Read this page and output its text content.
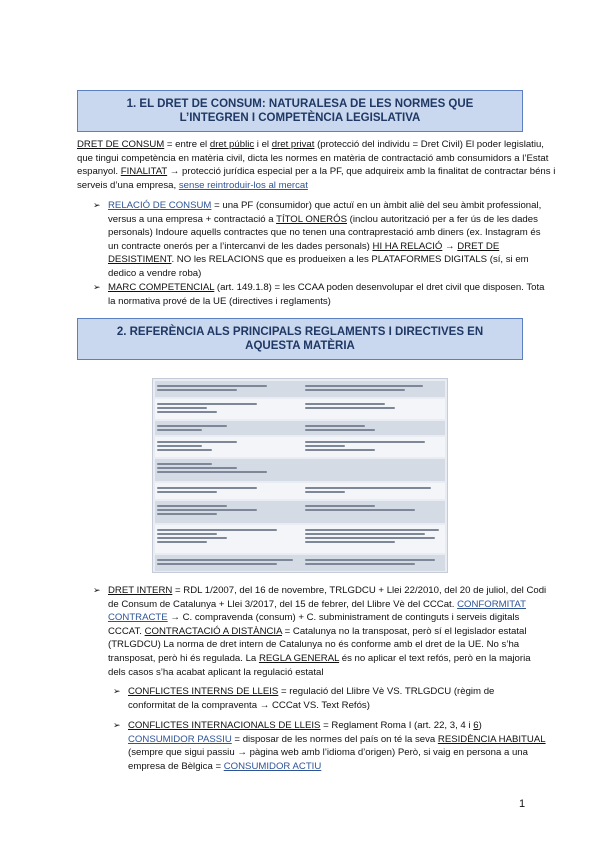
1. EL DRET DE CONSUM: NATURALESA DE LES NORMES QUE
L’INTEGREN I COMPETÈNCIA LEGISLATIVA
DRET DE CONSUM = entre el dret públic i el dret privat (protecció del individu = Dret Civil) El poder legislatiu,
que tingui competència en matèria civil, dicta les normes en matèria de contractació amb consumidors a l’Estat
espanyol. FINALITAT → protecció jurídica especial per a la PF, que adquireix amb la finalitat de contractar béns i
serveis d’una empresa, sense reintroduir-los al mercat
➢ RELACIÓ DE CONSUM = una PF (consumidor) que actuï en un àmbit aliè del seu àmbit professional,
versus a una empresa + contractació a TÍTOL ONERÓS (inclou autorització per a fer ús de les dades
personals) Indoure aquells contractes que no tenen una contraprestació amb diners (ex. Instagram és
un contracte onerós per a l’intercanvi de les dades personals) HI HA RELACIÓ → DRET DE
DESISTIMENT. NO les RELACIONS que es produeixen a les PLATAFORMES DIGITALS (sí, si em
dedico a vendre roba)
➢ MARC COMPETENCIAL (art. 149.1.8) = les CCAA poden desenvolupar el dret civil que disposen. Tota
la normativa prové de la UE (directives i reglaments)
2. REFERÈNCIA ALS PRINCIPALS REGLAMENTS I DIRECTIVES EN
AQUESTA MATÈRIA
➢ DRET INTERN = RDL 1/2007, del 16 de novembre, TRLGDCU + Llei 22/2010, del 20 de juliol, del Codi
de Consum de Catalunya + Llei 3/2017, del 15 de febrer, del Llibre Vè del CCCat. CONFORMITAT
CONTRACTE → C. compravenda (consum) + C. subministrament de continguts i serveis digitals
CCCAT. CONTRACTACIÓ A DISTÀNCIA = Catalunya no la transposat, però sí el legislador estatal
(TRLGDCU) La norma de dret intern de Catalunya no és conforme amb el dret de la UE. No s’ha
transposat, però hi és regulada. La REGLA GENERAL és no aplicar el text refós, però en la majoria
dels casos s’ha acabat aplicant la regulació estatal
➢ CONFLICTES INTERNS DE LLEIS = regulació del Llibre Vè VS. TRLGDCU (règim de
conformitat de la compraventa → CCCat VS. Text Refós)
➢ CONFLICTES INTERNACIONALS DE LLEIS = Reglament Roma I (art. 22, 3, 4 i 6)
CONSUMIDOR PASSIU = disposar de les normes del país on té la seva RESIDÈNCIA HABITUAL
(sempre que sigui passiu → pàgina web amb l’idioma d’origen) Però, si vaig en persona a una
empresa de Bèlgica = CONSUMIDOR ACTIU
1
